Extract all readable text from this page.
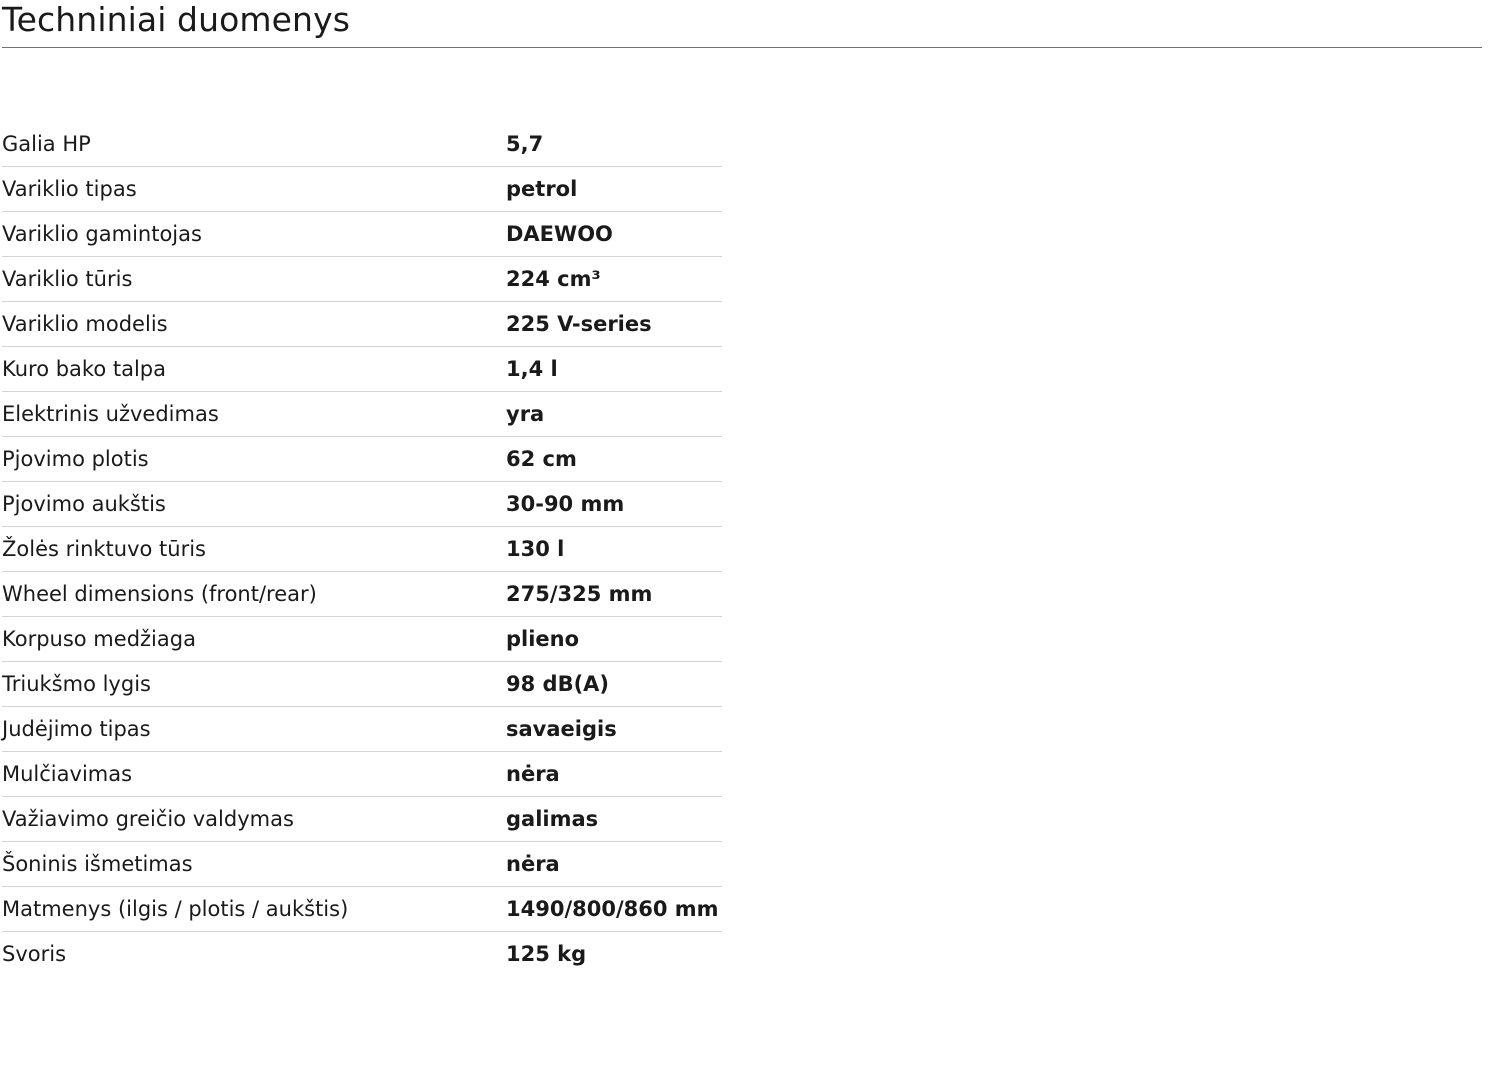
Techniniai duomenys
Galia HP	5,7
Variklio tipas	petrol
Variklio gamintojas	DAEWOO
Variklio tūris	224 cm³
Variklio modelis	225 V-series
Kuro bako talpa	1,4 l
Elektrinis užvedimas	yra
Pjovimo plotis	62 cm
Pjovimo aukštis	30-90 mm
Žolės rinktuvo tūris	130 l
Wheel dimensions (front/rear)	275/325 mm
Korpuso medžiaga	plieno
Triukšmo lygis	98 dB(A)
Judėjimo tipas	savaeigis
Mulčiavimas	nėra
Važiavimo greičio valdymas	galimas
Šoninis išmetimas	nėra
Matmenys (ilgis / plotis / aukštis)	1490/800/860 mm
Svoris	125 kg
